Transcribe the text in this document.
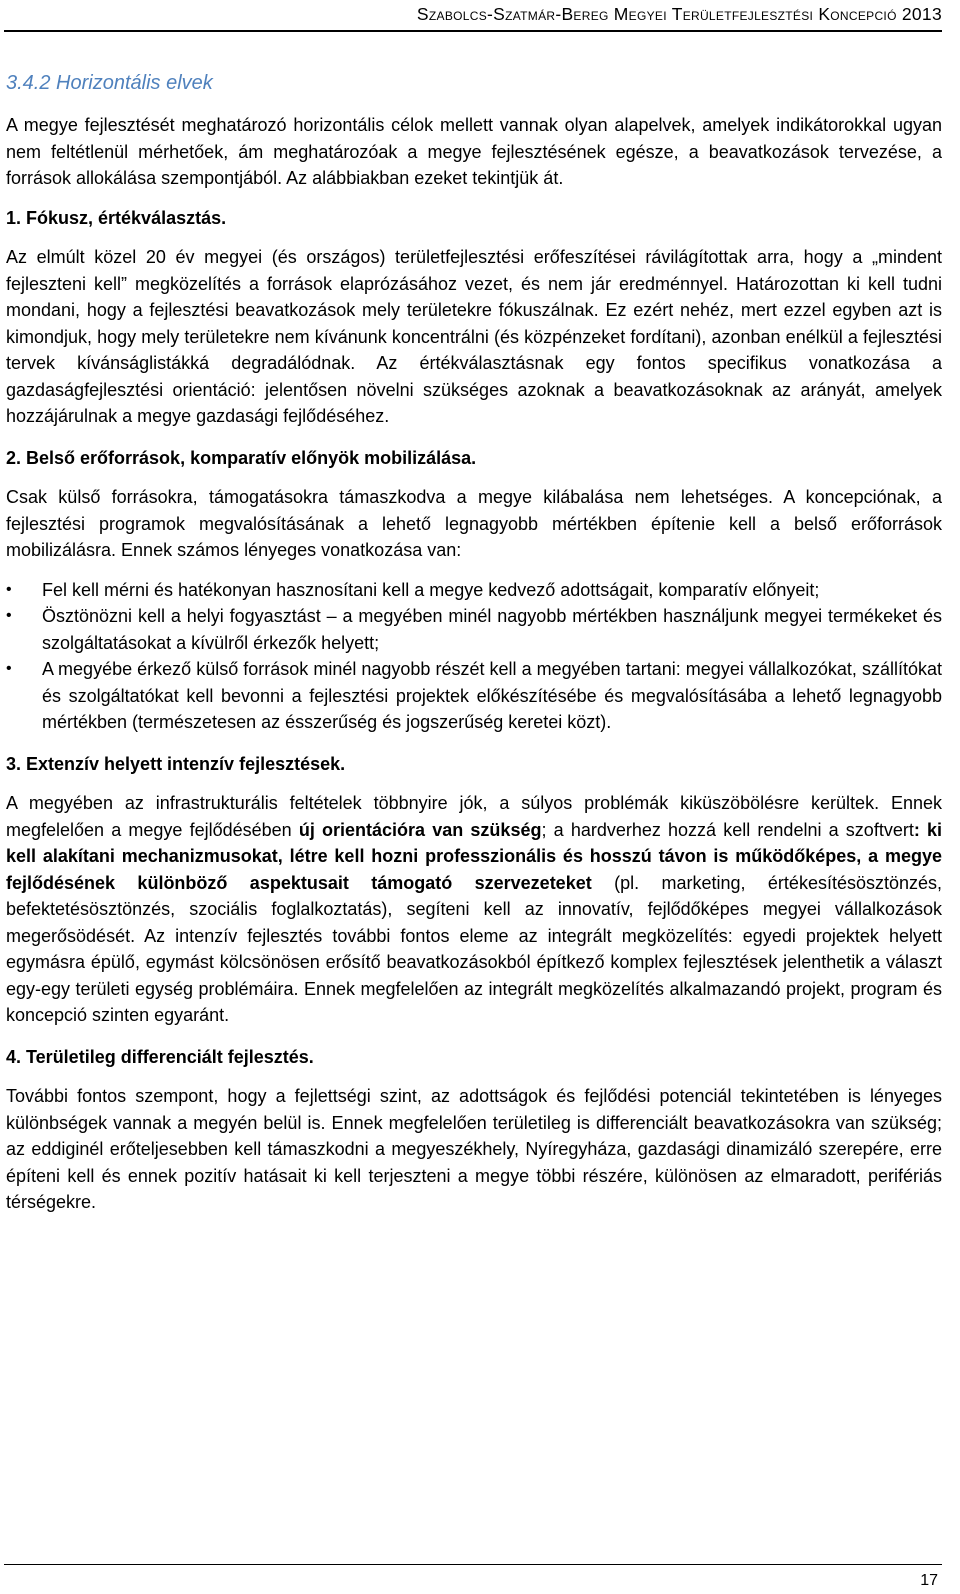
Szabolcs-Szatmár-Bereg Megyei Területfejlesztési Koncepció 2013
3.4.2 Horizontális elvek

A megye fejlesztését meghatározó horizontális célok mellett vannak olyan alapelvek, amelyek indikátorokkal ugyan nem feltétlenül mérhetőek, ám meghatározóak a megye fejlesztésének egésze, a beavatkozások tervezése, a források allokálása szempontjából. Az alábbiakban ezeket tekintjük át.

1. Fókusz, értékválasztás.

Az elmúlt közel 20 év megyei (és országos) területfejlesztési erőfeszítései rávilágítottak arra, hogy a „mindent fejleszteni kell” megközelítés a források elaprózásához vezet, és nem jár eredménnyel. Határozottan ki kell tudni mondani, hogy a fejlesztési beavatkozások mely területekre fókuszálnak. Ez ezért nehéz, mert ezzel egyben azt is kimondjuk, hogy mely területekre nem kívánunk koncentrálni (és közpénzeket fordítani), azonban enélkül a fejlesztési tervek kívánságlistákká degradálódnak. Az értékválasztásnak egy fontos specifikus vonatkozása a gazdaságfejlesztési orientáció: jelentősen növelni szükséges azoknak a beavatkozásoknak az arányát, amelyek hozzájárulnak a megye gazdasági fejlődéséhez.

2. Belső erőforrások, komparatív előnyök mobilizálása.

Csak külső forrásokra, támogatásokra támaszkodva a megye kilábalása nem lehetséges. A koncepciónak, a fejlesztési programok megvalósításának a lehető legnagyobb mértékben építenie kell a belső erőforrások mobilizálásra. Ennek számos lényeges vonatkozása van:

•	Fel kell mérni és hatékonyan hasznosítani kell a megye kedvező adottságait, komparatív előnyeit;
•	Ösztönözni kell a helyi fogyasztást – a megyében minél nagyobb mértékben használjunk megyei termékeket és szolgáltatásokat a kívülről érkezők helyett;
•	A megyébe érkező külső források minél nagyobb részét kell a megyében tartani: megyei vállalkozókat, szállítókat és szolgáltatókat kell bevonni a fejlesztési projektek előkészítésébe és megvalósításába a lehető legnagyobb mértékben (természetesen az ésszerűség és jogszerűség keretei közt).
3. Extenzív helyett intenzív fejlesztések.

A megyében az infrastrukturális feltételek többnyire jók, a súlyos problémák kiküszöbölésre kerültek. Ennek megfelelően a megye fejlődésében új orientációra van szükség; a hardverhez hozzá kell rendelni a szoftvert: ki kell alakítani mechanizmusokat, létre kell hozni professzionális és hosszú távon is működőképes, a megye fejlődésének különböző aspektusait támogató szervezeteket (pl. marketing, értékesítésösztönzés, befektetésösztönzés, szociális foglalkoztatás), segíteni kell az innovatív, fejlődőképes megyei vállalkozások megerősödését. Az intenzív fejlesztés további fontos eleme az integrált megközelítés: egyedi projektek helyett egymásra épülő, egymást kölcsönösen erősítő beavatkozásokból építkező komplex fejlesztések jelenthetik a választ egy-egy területi egység problémáira. Ennek megfelelően az integrált megközelítés alkalmazandó projekt, program és koncepció szinten egyaránt.

4. Területileg differenciált fejlesztés.

További fontos szempont, hogy a fejlettségi szint, az adottságok és fejlődési potenciál tekintetében is lényeges különbségek vannak a megyén belül is. Ennek megfelelően területileg is differenciált beavatkozásokra van szükség; az eddiginél erőteljesebben kell támaszkodni a megyeszékhely, Nyíregyháza, gazdasági dinamizáló szerepére, erre építeni kell és ennek pozitív hatásait ki kell terjeszteni a megye többi részére, különösen az elmaradott, perifériás térségekre.

17
